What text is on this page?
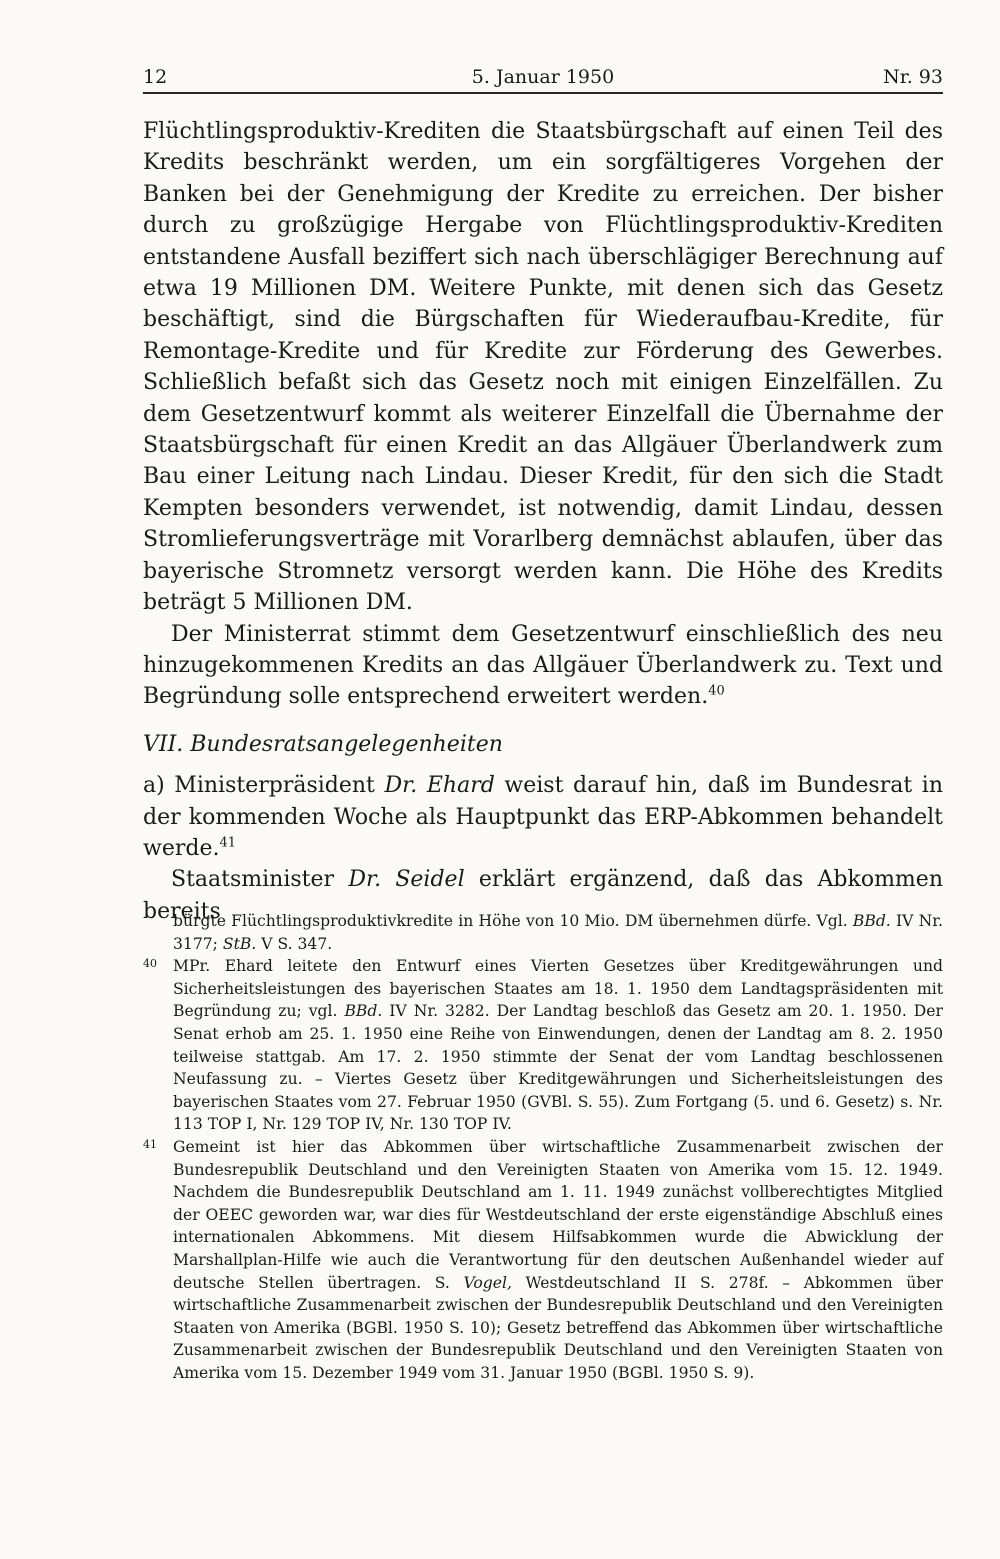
12	5. Januar 1950	Nr. 93

Flüchtlingsproduktiv-Krediten die Staatsbürgschaft auf einen Teil des Kredits beschränkt werden, um ein sorgfältigeres Vorgehen der Banken bei der Genehmigung der Kredite zu erreichen. Der bisher durch zu großzügige Hergabe von Flüchtlingsproduktiv-Krediten entstandene Ausfall beziffert sich nach überschlägiger Berechnung auf etwa 19 Millionen DM. Weitere Punkte, mit denen sich das Gesetz beschäftigt, sind die Bürgschaften für Wiederaufbau-Kredite, für Remontage-Kredite und für Kredite zur Förderung des Gewerbes. Schließlich befaßt sich das Gesetz noch mit einigen Einzelfällen. Zu dem Gesetzentwurf kommt als weiterer Einzelfall die Übernahme der Staatsbürgschaft für einen Kredit an das Allgäuer Überlandwerk zum Bau einer Leitung nach Lindau. Dieser Kredit, für den sich die Stadt Kempten besonders verwendet, ist notwendig, damit Lindau, dessen Stromlieferungsverträge mit Vorarlberg demnächst ablaufen, über das bayerische Stromnetz versorgt werden kann. Die Höhe des Kredits beträgt 5 Millionen DM.

Der Ministerrat stimmt dem Gesetzentwurf einschließlich des neu hinzugekommenen Kredits an das Allgäuer Überlandwerk zu. Text und Begründung solle entsprechend erweitert werden.$^{40}$

VII. Bundesratsangelegenheiten

a) Ministerpräsident Dr. Ehard weist darauf hin, daß im Bundesrat in der kommenden Woche als Hauptpunkt das ERP-Abkommen behandelt werde.$^{41}$

Staatsminister Dr. Seidel erklärt ergänzend, daß das Abkommen bereits

bürgte Flüchtlingsproduktivkredite in Höhe von 10 Mio. DM übernehmen dürfe. Vgl. BBd. IV Nr. 3177; StB. V S. 347.
40 MPr. Ehard leitete den Entwurf eines Vierten Gesetzes über Kreditgewährungen und Sicherheitsleistungen des bayerischen Staates am 18. 1. 1950 dem Landtagspräsidenten mit Begründung zu; vgl. BBd. IV Nr. 3282. Der Landtag beschloß das Gesetz am 20. 1. 1950. Der Senat erhob am 25. 1. 1950 eine Reihe von Einwendungen, denen der Landtag am 8. 2. 1950 teilweise stattgab. Am 17. 2. 1950 stimmte der Senat der vom Landtag beschlossenen Neufassung zu. – Viertes Gesetz über Kreditgewährungen und Sicherheitsleistungen des bayerischen Staates vom 27. Februar 1950 (GVBl. S. 55). Zum Fortgang (5. und 6. Gesetz) s. Nr. 113 TOP I, Nr. 129 TOP IV, Nr. 130 TOP IV.
41 Gemeint ist hier das Abkommen über wirtschaftliche Zusammenarbeit zwischen der Bundesrepublik Deutschland und den Vereinigten Staaten von Amerika vom 15. 12. 1949. Nachdem die Bundesrepublik Deutschland am 1. 11. 1949 zunächst vollberechtigtes Mitglied der OEEC geworden war, war dies für Westdeutschland der erste eigenständige Abschluß eines internationalen Abkommens. Mit diesem Hilfsabkommen wurde die Abwicklung der Marshallplan-Hilfe wie auch die Verantwortung für den deutschen Außenhandel wieder auf deutsche Stellen übertragen. S. Vogel, Westdeutschland II S. 278f. – Abkommen über wirtschaftliche Zusammenarbeit zwischen der Bundesrepublik Deutschland und den Vereinigten Staaten von Amerika (BGBl. 1950 S. 10); Gesetz betreffend das Abkommen über wirtschaftliche Zusammenarbeit zwischen der Bundesrepublik Deutschland und den Vereinigten Staaten von Amerika vom 15. Dezember 1949 vom 31. Januar 1950 (BGBl. 1950 S. 9).
